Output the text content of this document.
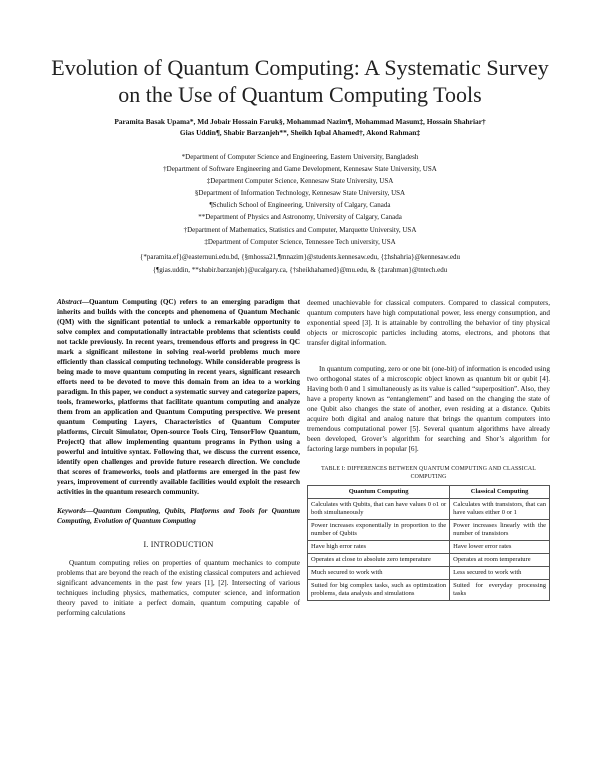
Evolution of Quantum Computing: A Systematic Survey on the Use of Quantum Computing Tools
Paramita Basak Upama*, Md Jobair Hossain Faruk§, Mohammad Nazim¶, Mohammad Masum‡, Hossain Shahriar†
Gias Uddin¶, Shabir Barzanjeh**, Sheikh Iqbal Ahamed†, Akond Rahman‡
*Department of Computer Science and Engineering, Eastern University, Bangladesh
†Department of Software Engineering and Game Development, Kennesaw State University, USA
‡Department Computer Science, Kennesaw State University, USA
§Department of Information Technology, Kennesaw State University, USA
¶Schulich School of Engineering, University of Calgary, Canada
**Department of Physics and Astronomy, University of Calgary, Canada
†Department of Mathematics, Statistics and Computer, Marquette University, USA
‡Department of Computer Science, Tennessee Tech university, USA
{*paramita.ef}@easternuni.edu.bd, {§mhossa21,¶mnazim}@students.kennesaw.edu, {‡hshahria}@kennesaw.edu
{¶gias.uddin, **shabir.barzanjeh}@ucalgary.ca, {†sheikhahamed}@mu.edu, & {‡arahman}@tntech.edu
Abstract—Quantum Computing (QC) refers to an emerging paradigm that inherits and builds with the concepts and phenomena of Quantum Mechanic (QM) with the significant potential to unlock a remarkable opportunity to solve complex and computationally intractable problems that scientists could not tackle previously. In recent years, tremendous efforts and progress in QC mark a significant milestone in solving real-world problems much more efficiently than classical computing technology. While considerable progress is being made to move quantum computing in recent years, significant research efforts need to be devoted to move this domain from an idea to a working paradigm. In this paper, we conduct a systematic survey and categorize papers, tools, frameworks, platforms that facilitate quantum computing and analyze them from an application and Quantum Computing perspective. We present quantum Computing Layers, Characteristics of Quantum Computer platforms, Circuit Simulator, Open-source Tools Cirq, TensorFlow Quantum, ProjectQ that allow implementing quantum programs in Python using a powerful and intuitive syntax. Following that, we discuss the current essence, identify open challenges and provide future research direction. We conclude that scores of frameworks, tools and platforms are emerged in the past few years, improvement of currently available facilities would exploit the research activities in the quantum research community.
Keywords—Quantum Computing, Qubits, Platforms and Tools for Quantum Computing, Evolution of Quantum Computing
I. INTRODUCTION

Quantum computing relies on properties of quantum mechanics to compute problems that are beyond the reach of the existing classical computers and achieved significant advancements in the past few years [1], [2]. Intersecting of various techniques including physics, mathematics, computer science, and information theory paved to initiate a perfect domain, quantum computing capable of performing calculations

deemed unachievable for classical computers. Compared to classical computers, quantum computers have high computational power, less energy consumption, and exponential speed [3]. It is attainable by controlling the behavior of tiny physical objects or microscopic particles including atoms, electrons, and photons that transfer digital information.

In quantum computing, zero or one bit (one-bit) of information is encoded using two orthogonal states of a microscopic object known as quantum bit or qubit [4]. Having both 0 and 1 simultaneously as its value is called “superposition”. Also, they have a property known as “entanglement” and based on the changing the state of one Qubit also changes the state of another, even residing at a distance. Qubits acquire both digital and analog nature that brings the quantum computers into tremendous computational power [5]. Several quantum algorithms have already been developed, Grover’s algorithm for searching and Shor’s algorithm for factoring large numbers in popular [6].

TABLE I: DIFFERENCES BETWEEN QUANTUM COMPUTING AND CLASSICAL COMPUTING
Quantum Computing	Classical Computing
Calculates with Qubits, that can have values 0 o1 or both simultaneously	Calculates with transistors, that can have values either 0 or 1
Power increases exponentially in proportion to the number of Qubits	Power increases linearly with the number of transistors
Have high error rates	Have lower error rates
Operates at close to absolute zero temperature	Operates at room temperature
Much secured to work with	Less secured to work with
Suited for big complex tasks, such as optimization problems, data analysis and simulations	Suited for everyday processing tasks
